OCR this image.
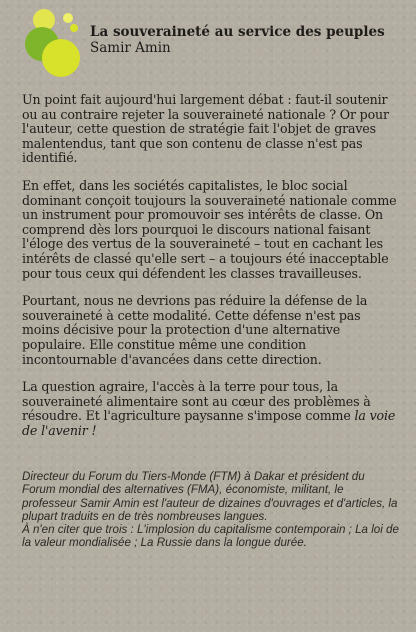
La souveraineté au service des peuples
Samir Amin

Un point fait aujourd'hui largement débat : faut-il soutenir ou au contraire rejeter la souveraineté nationale ? Or pour l'auteur, cette question de stratégie fait l'objet de graves malentendus, tant que son contenu de classe n'est pas identifié.

En effet, dans les sociétés capitalistes, le bloc social dominant conçoit toujours la souveraineté nationale comme un instrument pour promouvoir ses intérêts de classe. On comprend dès lors pourquoi le discours national faisant l'éloge des vertus de la souveraineté – tout en cachant les intérêts de classé qu'elle sert – a toujours été inacceptable pour tous ceux qui défendent les classes travailleuses.

Pourtant, nous ne devrions pas réduire la défense de la souveraineté à cette modalité. Cette défense n'est pas moins décisive pour la protection d'une alternative populaire. Elle constitue même une condition incontournable d'avancées dans cette direction.

La question agraire, l'accès à la terre pour tous, la souveraineté alimentaire sont au cœur des problèmes à résoudre. Et l'agriculture paysanne s'impose comme la voie de l'avenir !

Directeur du Forum du Tiers-Monde (FTM) à Dakar et président du Forum mondial des alternatives (FMA), économiste, militant, le professeur Samir Amin est l'auteur de dizaines d'ouvrages et d'articles, la plupart traduits en de très nombreuses langues.

À n'en citer que trois : L'implosion du capitalisme contemporain ; La loi de la valeur mondialisée ; La Russie dans la longue durée.
